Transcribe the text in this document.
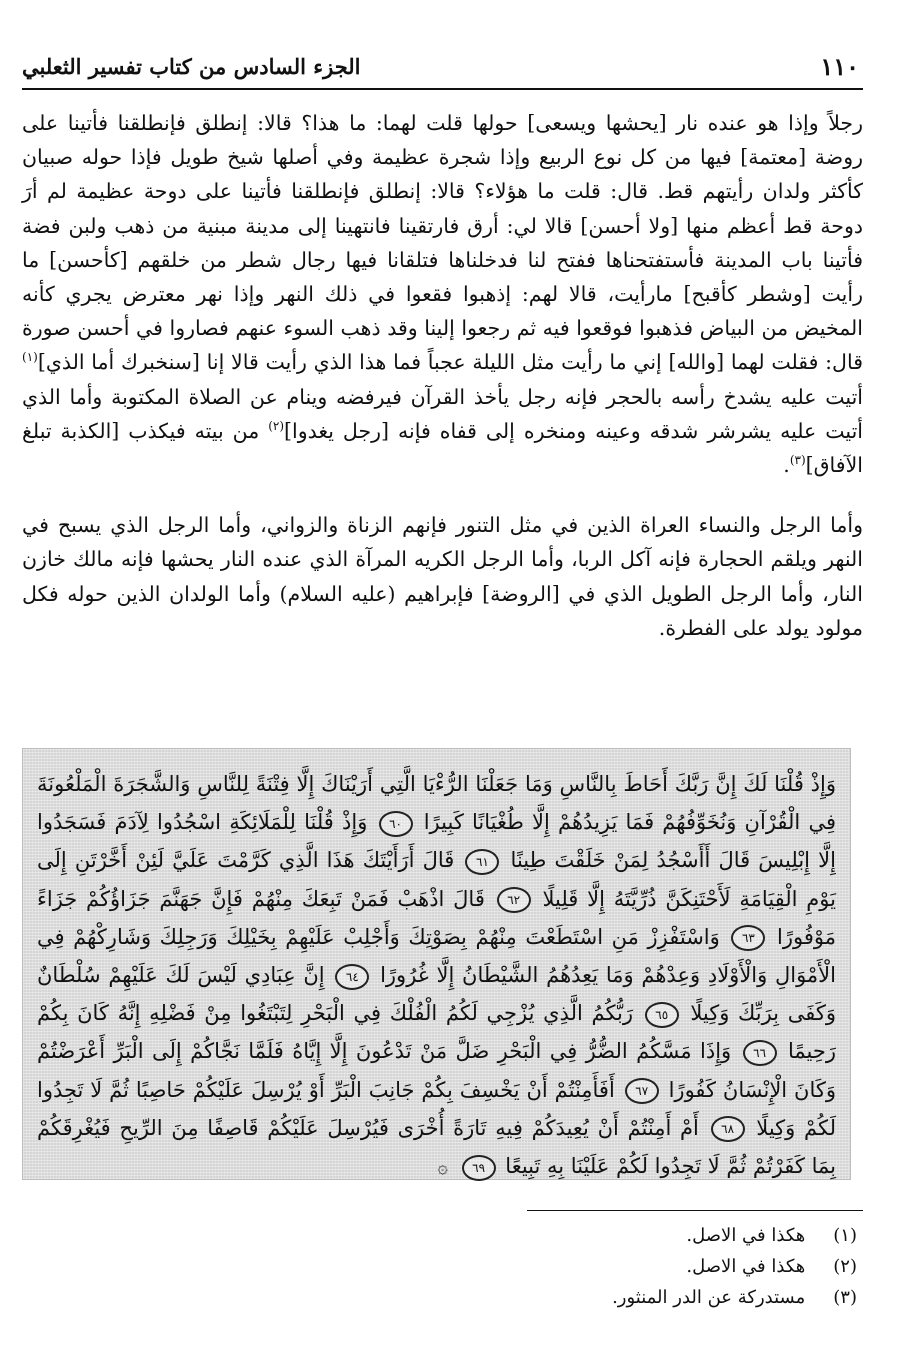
١١٠
الجزء السادس من كتاب تفسير الثعلبي

رجلاً وإذا هو عنده نار [يحشها ويسعى] حولها قلت لهما: ما هذا؟ قالا: إنطلق فإنطلقنا فأتينا على روضة [معتمة] فيها من كل نوع الربيع وإذا شجرة عظيمة وفي أصلها شيخ طويل فإذا حوله صبيان كأكثر ولدان رأيتهم قط. قال: قلت ما هؤلاء؟ قالا: إنطلق فإنطلقنا فأتينا على دوحة عظيمة لم أرَ دوحة قط أعظم منها [ولا أحسن] قالا لي: أرق فارتقينا فانتهينا إلى مدينة مبنية من ذهب ولبن فضة فأتينا باب المدينة فأستفتحناها ففتح لنا فدخلناها فتلقانا فيها رجال شطر من خلقهم [كأحسن] ما رأيت [وشطر كأقبح] مارأيت، قالا لهم: إذهبوا فقعوا في ذلك النهر وإذا نهر معترض يجري كأنه المخيض من البياض فذهبوا فوقعوا فيه ثم رجعوا إلينا وقد ذهب السوء عنهم فصاروا في أحسن صورة قال: فقلت لهما [والله] إني ما رأيت مثل الليلة عجباً فما هذا الذي رأيت قالا إنا [سنخبرك أما الذي]$^{(١)}$ أتيت عليه يشدخ رأسه بالحجر فإنه رجل يأخذ القرآن فيرفضه وينام عن الصلاة المكتوبة وأما الذي أتيت عليه يشرشر شدقه وعينه ومنخره إلى قفاه فإنه [رجل يغدوا]$^{(٢)}$ من بيته فيكذب [الكذبة تبلغ الآفاق]$^{(٣)}$.

وأما الرجل والنساء العراة الذين في مثل التنور فإنهم الزناة والزواني، وأما الرجل الذي يسبح في النهر ويلقم الحجارة فإنه آكل الربا، وأما الرجل الكريه المرآة الذي عنده النار يحشها فإنه مالك خازن النار، وأما الرجل الطويل الذي في [الروضة] فإبراهيم (عليه السلام) وأما الولدان الذين حوله فكل مولود يولد على الفطرة.

وَإِذْ قُلْنَا لَكَ إِنَّ رَبَّكَ أَحَاطَ بِالنَّاسِ وَمَا جَعَلْنَا الرُّءْيَا الَّتِي أَرَيْنَاكَ إِلَّا فِتْنَةً لِلنَّاسِ وَالشَّجَرَةَ الْمَلْعُونَةَ فِي الْقُرْآنِ وَنُخَوِّفُهُمْ فَمَا يَزِيدُهُمْ إِلَّا طُغْيَانًا كَبِيرًا ٦٠ وَإِذْ قُلْنَا لِلْمَلَائِكَةِ اسْجُدُوا لِآدَمَ فَسَجَدُوا إِلَّا إِبْلِيسَ قَالَ أَأَسْجُدُ لِمَنْ خَلَقْتَ طِينًا ٦١ قَالَ أَرَأَيْتَكَ هَذَا الَّذِي كَرَّمْتَ عَلَيَّ لَئِنْ أَخَّرْتَنِ إِلَى يَوْمِ الْقِيَامَةِ لَأَحْتَنِكَنَّ ذُرِّيَّتَهُ إِلَّا قَلِيلًا ٦٢ قَالَ اذْهَبْ فَمَنْ تَبِعَكَ مِنْهُمْ فَإِنَّ جَهَنَّمَ جَزَاؤُكُمْ جَزَاءً مَوْفُورًا ٦٣ وَاسْتَفْزِزْ مَنِ اسْتَطَعْتَ مِنْهُمْ بِصَوْتِكَ وَأَجْلِبْ عَلَيْهِمْ بِخَيْلِكَ وَرَجِلِكَ وَشَارِكْهُمْ فِي الْأَمْوَالِ وَالْأَوْلَادِ وَعِدْهُمْ وَمَا يَعِدُهُمُ الشَّيْطَانُ إِلَّا غُرُورًا ٦٤ إِنَّ عِبَادِي لَيْسَ لَكَ عَلَيْهِمْ سُلْطَانٌ وَكَفَى بِرَبِّكَ وَكِيلًا ٦٥ رَبُّكُمُ الَّذِي يُزْجِي لَكُمُ الْفُلْكَ فِي الْبَحْرِ لِتَبْتَغُوا مِنْ فَضْلِهِ إِنَّهُ كَانَ بِكُمْ رَحِيمًا ٦٦ وَإِذَا مَسَّكُمُ الضُّرُّ فِي الْبَحْرِ ضَلَّ مَنْ تَدْعُونَ إِلَّا إِيَّاهُ فَلَمَّا نَجَّاكُمْ إِلَى الْبَرِّ أَعْرَضْتُمْ وَكَانَ الْإِنْسَانُ كَفُورًا ٦٧ أَفَأَمِنْتُمْ أَنْ يَخْسِفَ بِكُمْ جَانِبَ الْبَرِّ أَوْ يُرْسِلَ عَلَيْكُمْ حَاصِبًا ثُمَّ لَا تَجِدُوا لَكُمْ وَكِيلًا ٦٨ أَمْ أَمِنْتُمْ أَنْ يُعِيدَكُمْ فِيهِ تَارَةً أُخْرَى فَيُرْسِلَ عَلَيْكُمْ قَاصِفًا مِنَ الرِّيحِ فَيُغْرِقَكُمْ بِمَا كَفَرْتُمْ ثُمَّ لَا تَجِدُوا لَكُمْ عَلَيْنَا بِهِ تَبِيعًا ٦٩ ۞

(١) هكذا في الاصل.
(٢) هكذا في الاصل.
(٣) مستدركة عن الدر المنثور.
